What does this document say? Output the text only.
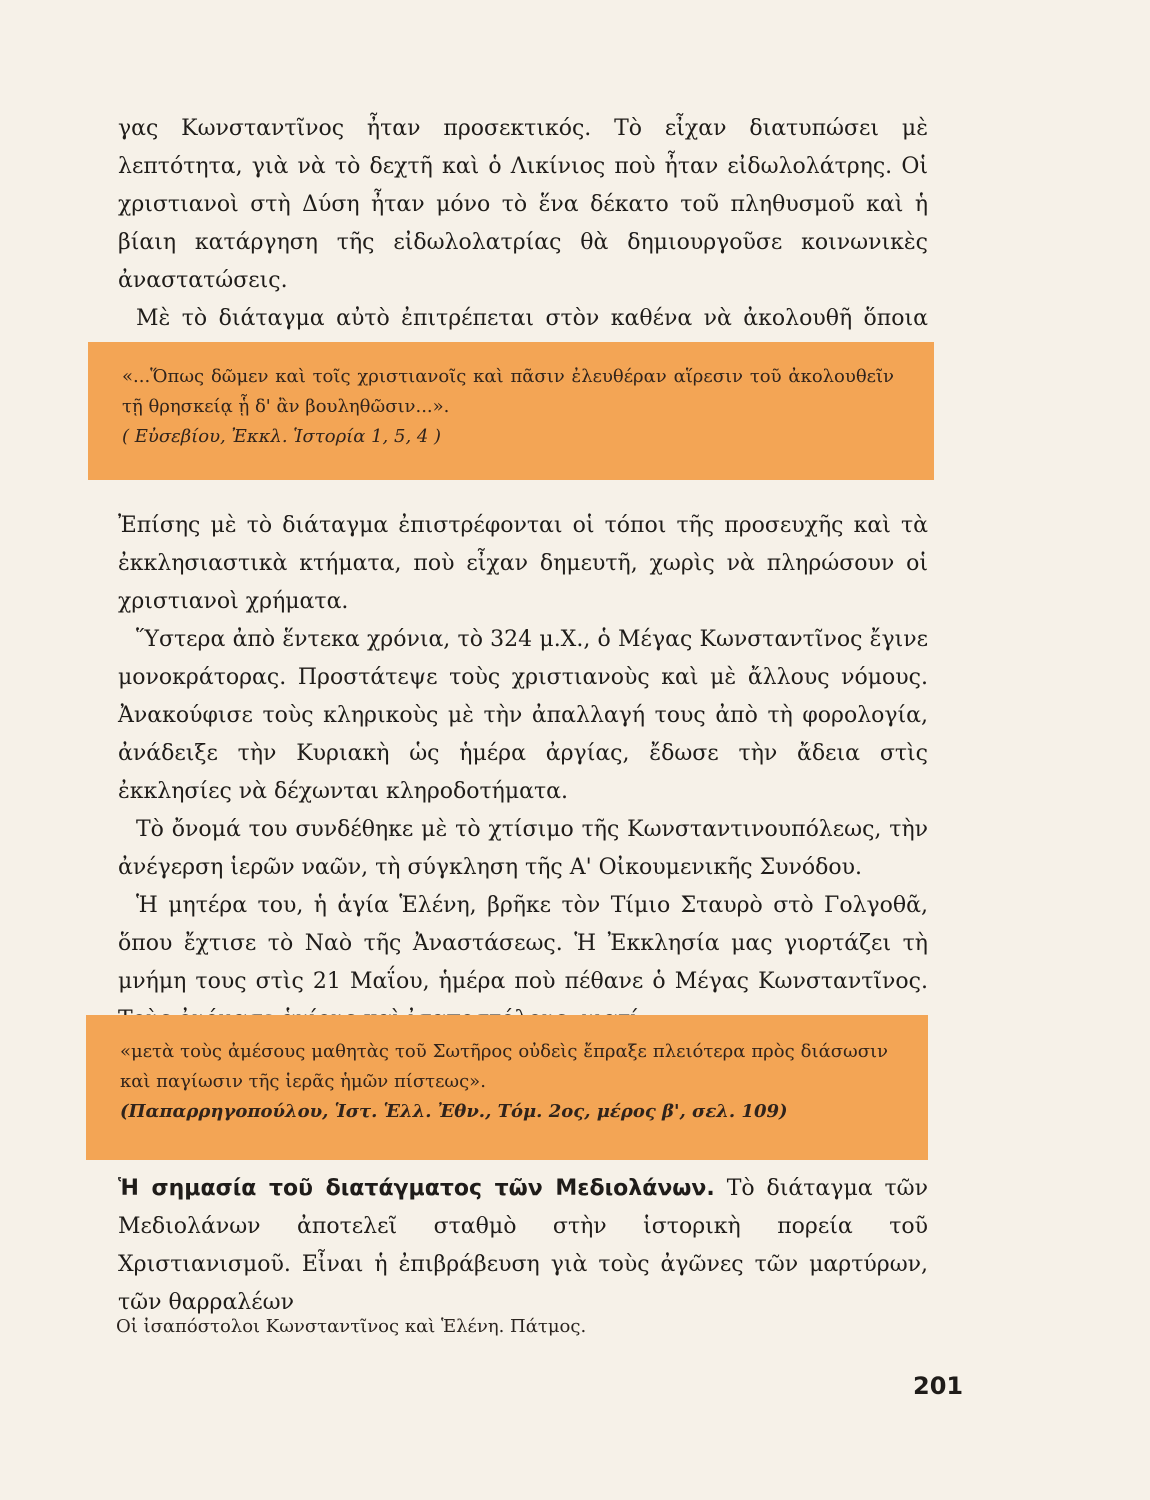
γας Κωνσταντῖνος ἦταν προσεκτικός. Τὸ εἶχαν διατυπώσει μὲ λεπτότητα, γιὰ νὰ τὸ δεχτῆ καὶ ὁ Λικίνιος ποὺ ἦταν εἰδωλολάτρης. Οἱ χριστιανοὶ στὴ Δύση ἦταν μόνο τὸ ἕνα δέκατο τοῦ πληθυσμοῦ καὶ ἡ βίαιη κατάργηση τῆς εἰδωλολατρίας θὰ δημιουργοῦσε κοινωνικὲς ἀναστατώσεις.

Μὲ τὸ διάταγμα αὐτὸ ἐπιτρέπεται στὸν καθένα νὰ ἀκολουθῆ ὅποια

«...Ὅπως δῶμεν καὶ τοῖς χριστιανοῖς καὶ πᾶσιν ἐλευθέραν αἵρεσιν τοῦ ἀκολουθεῖν τῇ θρησκείᾳ ᾗ δ' ἂν βουληθῶσιν...».

( Εὐσεβίου, Ἐκκλ. Ἱστορία 1, 5, 4 )

Ἐπίσης μὲ τὸ διάταγμα ἐπιστρέφονται οἱ τόποι τῆς προσευχῆς καὶ τὰ ἐκκλησιαστικὰ κτήματα, ποὺ εἶχαν δημευτῆ, χωρὶς νὰ πληρώσουν οἱ χριστιανοὶ χρήματα.

Ὕστερα ἀπὸ ἕντεκα χρόνια, τὸ 324 μ.Χ., ὁ Μέγας Κωνσταντῖνος ἔγινε μονοκράτορας. Προστάτεψε τοὺς χριστιανοὺς καὶ μὲ ἄλλους νόμους. Ἀνακούφισε τοὺς κληρικοὺς μὲ τὴν ἀπαλλαγή τους ἀπὸ τὴ φορολογία, ἀνάδειξε τὴν Κυριακὴ ὡς ἡμέρα ἀργίας, ἔδωσε τὴν ἄδεια στὶς ἐκκλησίες νὰ δέχωνται κληροδοτήματα.

Τὸ ὄνομά του συνδέθηκε μὲ τὸ χτίσιμο τῆς Κωνσταντινουπόλεως, τὴν ἀνέγερση ἱερῶν ναῶν, τὴ σύγκληση τῆς Α' Οἰκουμενικῆς Συνόδου.

Ἡ μητέρα του, ἡ ἁγία Ἑλένη, βρῆκε τὸν Τίμιο Σταυρὸ στὸ Γολγοθᾶ, ὅπου ἔχτισε τὸ Ναὸ τῆς Ἀναστάσεως. Ἡ Ἐκκλησία μας γιορτάζει τὴ μνήμη τους στὶς 21 Μαΐου, ἡμέρα ποὺ πέθανε ὁ Μέγας Κωνσταντῖνος.

«μετὰ τοὺς ἀμέσους μαθητὰς τοῦ Σωτῆρος οὐδεὶς ἔπραξε πλειότερα πρὸς διάσωσιν καὶ παγίωσιν τῆς ἱερᾶς ἡμῶν πίστεως».

(Παπαρρηγοπούλου, Ἱστ. Ἑλλ. Ἐθν., Τόμ. 2ος, μέρος β', σελ. 109)

Ἡ σημασία τοῦ διατάγματος τῶν Μεδιολάνων. Τὸ διάταγμα τῶν Μεδιολάνων ἀποτελεῖ σταθμὸ στὴν ἱστορικὴ πορεία τοῦ Χριστιανισμοῦ. Εἶναι ἡ ἐπιβράβευση γιὰ τοὺς ἀγῶνες τῶν μαρτύρων, τῶν θαρραλέων

Οἱ ἰσαπόστολοι Κωνσταντῖνος καὶ Ἑλένη. Πάτμος.
201
